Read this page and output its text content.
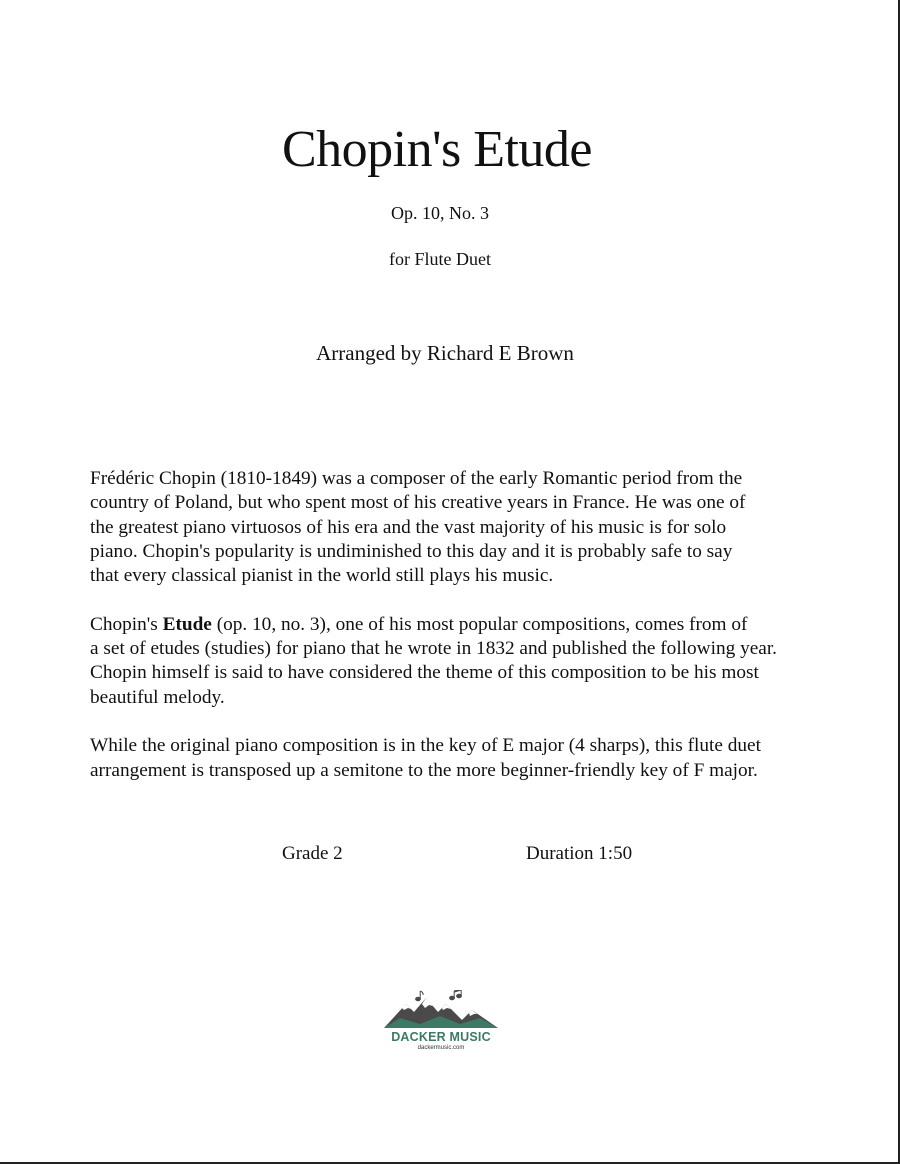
Chopin's Etude
Op. 10, No. 3
for Flute Duet
Arranged by Richard E Brown

Frédéric Chopin (1810-1849) was a composer of the early Romantic period from the
country of Poland, but who spent most of his creative years in France. He was one of
the greatest piano virtuosos of his era and the vast majority of his music is for solo
piano. Chopin's popularity is undiminished to this day and it is probably safe to say
that every classical pianist in the world still plays his music.

Chopin's Etude (op. 10, no. 3), one of his most popular compositions, comes from of
a set of etudes (studies) for piano that he wrote in 1832 and published the following year.
Chopin himself is said to have considered the theme of this composition to be his most
beautiful melody.

While the original piano composition is in the key of E major (4 sharps), this flute duet
arrangement is transposed up a semitone to the more beginner-friendly key of F major.

Grade 2	Duration 1:50
DACKER MUSIC
dackermusic.com
